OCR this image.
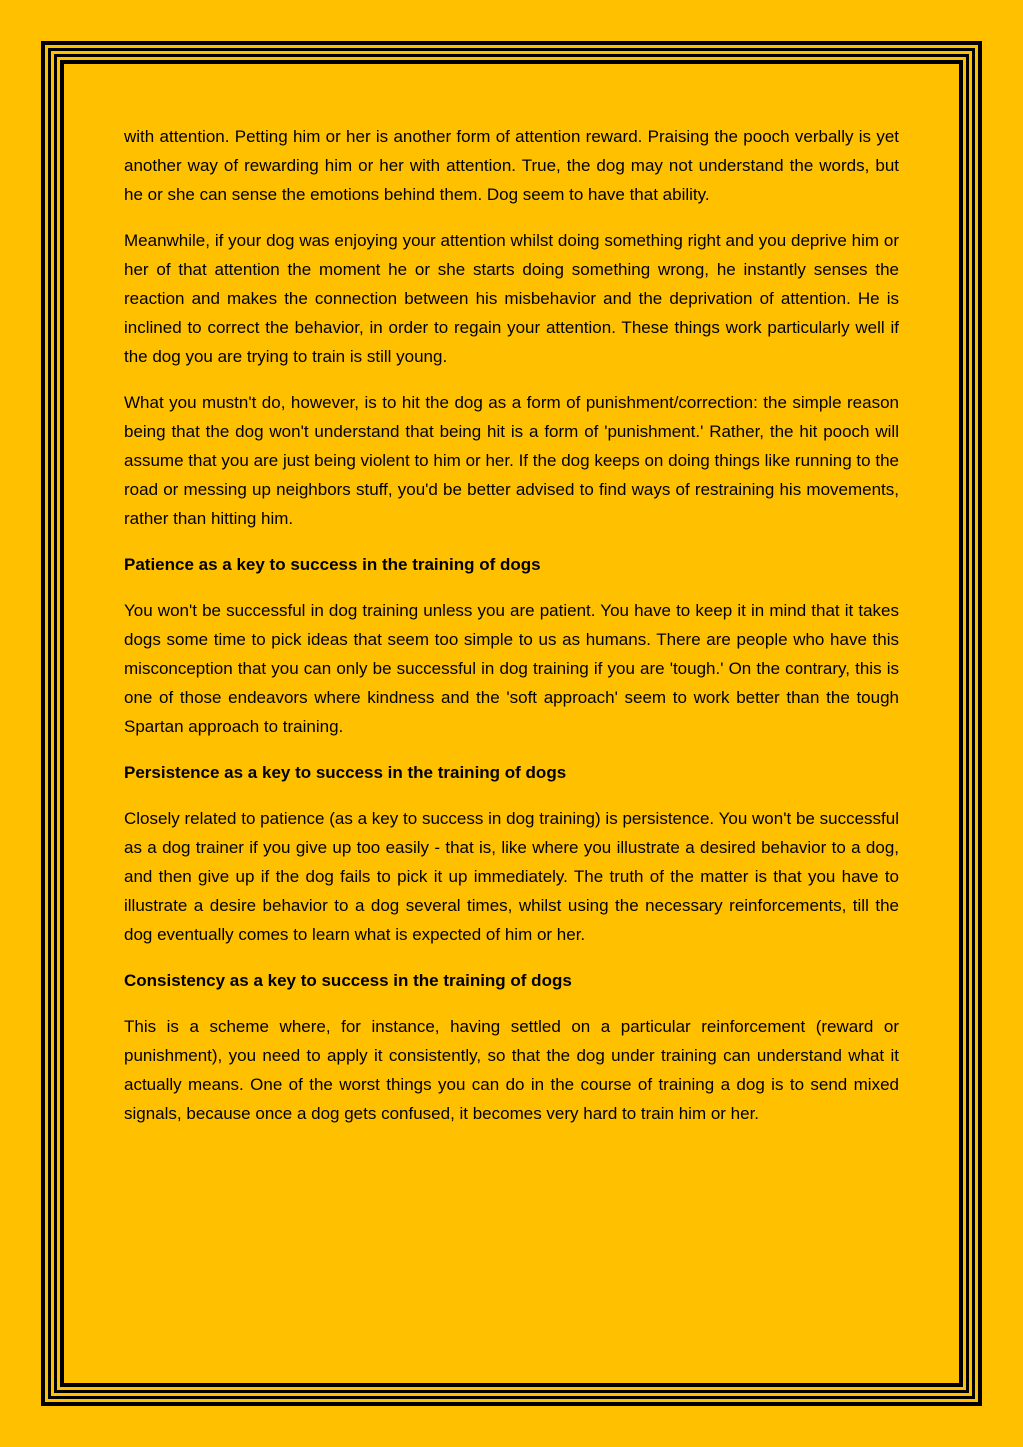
with attention. Petting him or her is another form of attention reward. Praising the pooch verbally is yet another way of rewarding him or her with attention. True, the dog may not understand the words, but he or she can sense the emotions behind them. Dog seem to have that ability.

Meanwhile, if your dog was enjoying your attention whilst doing something right and you deprive him or her of that attention the moment he or she starts doing something wrong, he instantly senses the reaction and makes the connection between his misbehavior and the deprivation of attention. He is inclined to correct the behavior, in order to regain your attention. These things work particularly well if the dog you are trying to train is still young.

What you mustn't do, however, is to hit the dog as a form of punishment/correction: the simple reason being that the dog won't understand that being hit is a form of 'punishment.' Rather, the hit pooch will assume that you are just being violent to him or her. If the dog keeps on doing things like running to the road or messing up neighbors stuff, you'd be better advised to find ways of restraining his movements, rather than hitting him.

Patience as a key to success in the training of dogs

You won't be successful in dog training unless you are patient. You have to keep it in mind that it takes dogs some time to pick ideas that seem too simple to us as humans. There are people who have this misconception that you can only be successful in dog training if you are 'tough.' On the contrary, this is one of those endeavors where kindness and the 'soft approach' seem to work better than the tough Spartan approach to training.

Persistence as a key to success in the training of dogs

Closely related to patience (as a key to success in dog training) is persistence. You won't be successful as a dog trainer if you give up too easily - that is, like where you illustrate a desired behavior to a dog, and then give up if the dog fails to pick it up immediately. The truth of the matter is that you have to illustrate a desire behavior to a dog several times, whilst using the necessary reinforcements, till the dog eventually comes to learn what is expected of him or her.

Consistency as a key to success in the training of dogs

This is a scheme where, for instance, having settled on a particular reinforcement (reward or punishment), you need to apply it consistently, so that the dog under training can understand what it actually means. One of the worst things you can do in the course of training a dog is to send mixed signals, because once a dog gets confused, it becomes very hard to train him or her.
